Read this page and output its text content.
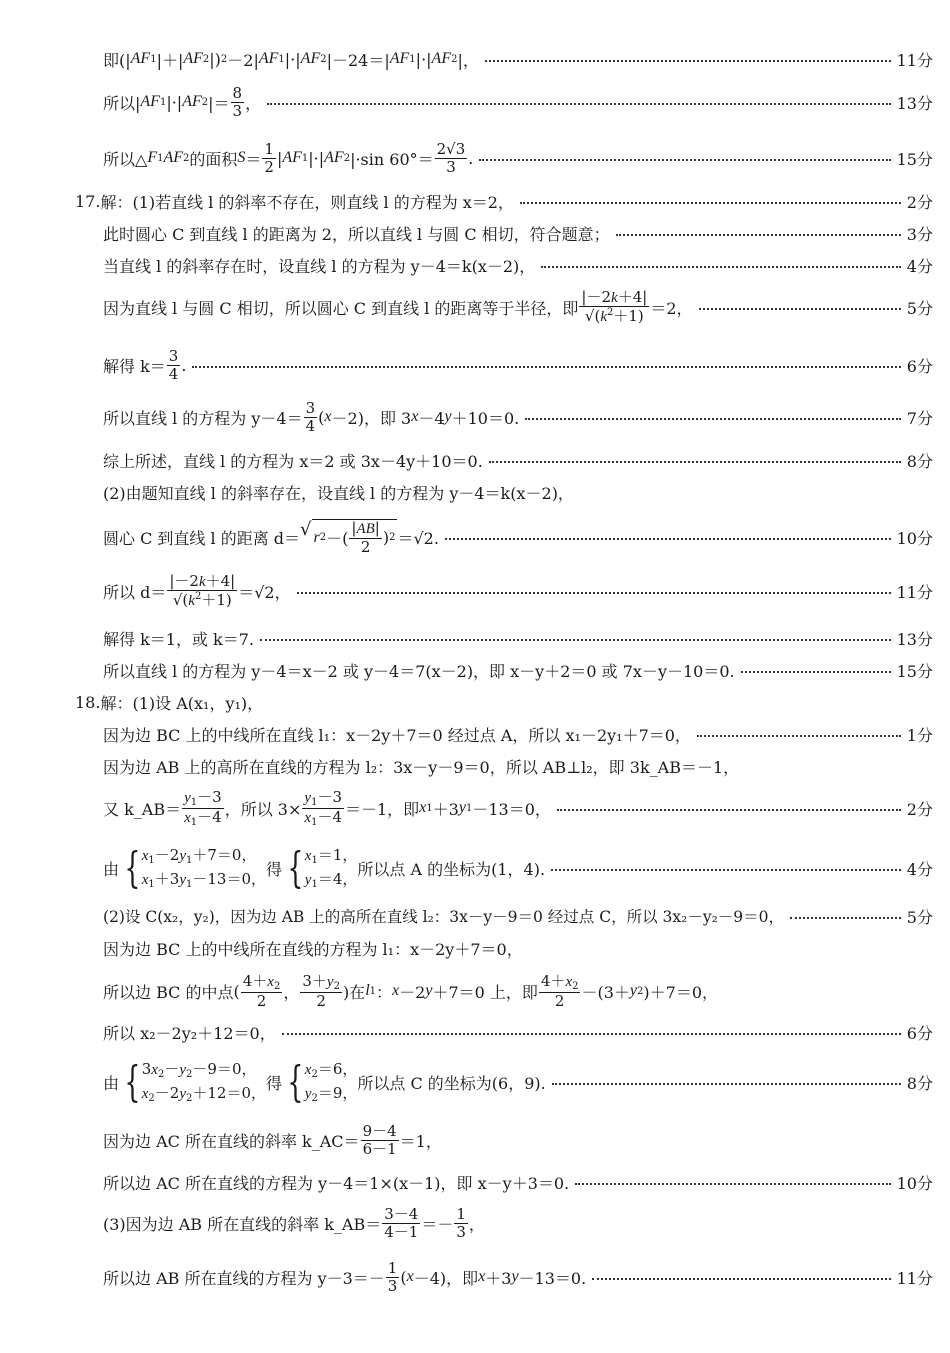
即(| AF 1 |＋| AF 2 |) 2 －2| AF 1 |·| AF 2 |－24＝| AF 1 |·| AF 2 |，	11分
所以| AF 1 |·| AF 2 |＝ $\frac{8}{3}$ ，	13分
所以△ F 1 AF 2 的面积 $S = \frac{1}{2}$ | AF 1 |·| AF 2 |·sin $60^\circ= \frac{2√3}{3}$ .	15分
17. 解：(1)若直线 l 的斜率不存在，则直线 l 的方程为 x＝2，	2分
此时圆心 C 到直线 l 的距离为 2，所以直线 l 与圆 C 相切，符合题意；	3分
当直线 l 的斜率存在时，设直线 l 的方程为 y－4＝k(x－2)，	4分
因为直线 l 与圆 C 相切，所以圆心 C 到直线 l 的距离等于半径，即 $\frac{|-2k+4|}{√(k^2+1)} =2$，	5分
解得 $k= \frac{3}{4}$ .	6分
所以直线 l 的方程为 $y-4= \frac{3}{4}$ ( x －2)，即 3 x －4 y ＋10＝0.	7分
综上所述，直线 l 的方程为 x＝2 或 3x－4y＋10＝0.	8分
(2)由题知直线 l 的斜率存在，设直线 l 的方程为 y－4＝k(x－2)，
圆心 C 到直线 l 的距离 d＝ √ r 2 －( $\frac{|AB|}{2}$ ) 2 ＝√2.	10分
所以 $d= \frac{|-2k+4|}{√(k^2+1)} =√2$，	11分
解得 k＝1，或 k＝7.	13分
所以直线 l 的方程为 y－4＝x－2 或 y－4＝7(x－2)，即 x－y＋2＝0 或 7x－y－10＝0.	15分
18. 解：(1)设 A(x₁，y₁)，
因为边 BC 上的中线所在直线 l₁：x－2y＋7＝0 经过点 A，所以 x₁－2y₁＋7＝0，	1分
因为边 AB 上的高所在直线的方程为 l₂：3x－y－9＝0，所以 AB⊥l₂，即 3k_AB＝－1，
又 k_AB＝ $\frac{y_1-3}{x_1-4}$ ，所以 $3\times \frac{y_1-3}{x_1-4} =-1$，即 x 1 ＋3 y 1 －13＝0，	2分
由 { $x_1-2y_1+7=0$，
$x_1+3y_1-13=0$，
得 { $x_1=1$，
$y_1=4$，
所以点 A 的坐标为(1，4).	4分
(2)设 C(x₂，y₂)，因为边 AB 上的高所在直线 l₂：3x－y－9＝0 经过点 C，所以 3x₂－y₂－9＝0，	5分
因为边 BC 上的中线所在直线的方程为 l₁：x－2y＋7＝0，
所以边 BC 的中点 ( $\frac{4+x_2}{2}$ ， $\frac{3+y_2}{2}$ )在 l 1 ： x －2 y ＋7＝0 上，即 $\frac{4+x_2}{2} -(3+ y$ 2 )＋7＝0，
所以 x₂－2y₂＋12＝0，	6分
由 { $3x_2-y_2-9=0$，
$x_2-2y_2+12=0$，
得 { $x_2=6$，
$y_2=9$，
所以点 C 的坐标为(6，9).	8分
因为边 AC 所在直线的斜率 k_AC＝ $\frac{9-4}{6-1} =1$，
所以边 AC 所在直线的方程为 y－4＝1×(x－1)，即 x－y＋3＝0.	10分
(3)因为边 AB 所在直线的斜率 k_AB＝ $\frac{3-4}{4-1} =- \frac{1}{3}$ ，
所以边 AB 所在直线的方程为 $y-3=- \frac{1}{3}$ ( x －4)，即 x ＋3 y －13＝0.	11分
